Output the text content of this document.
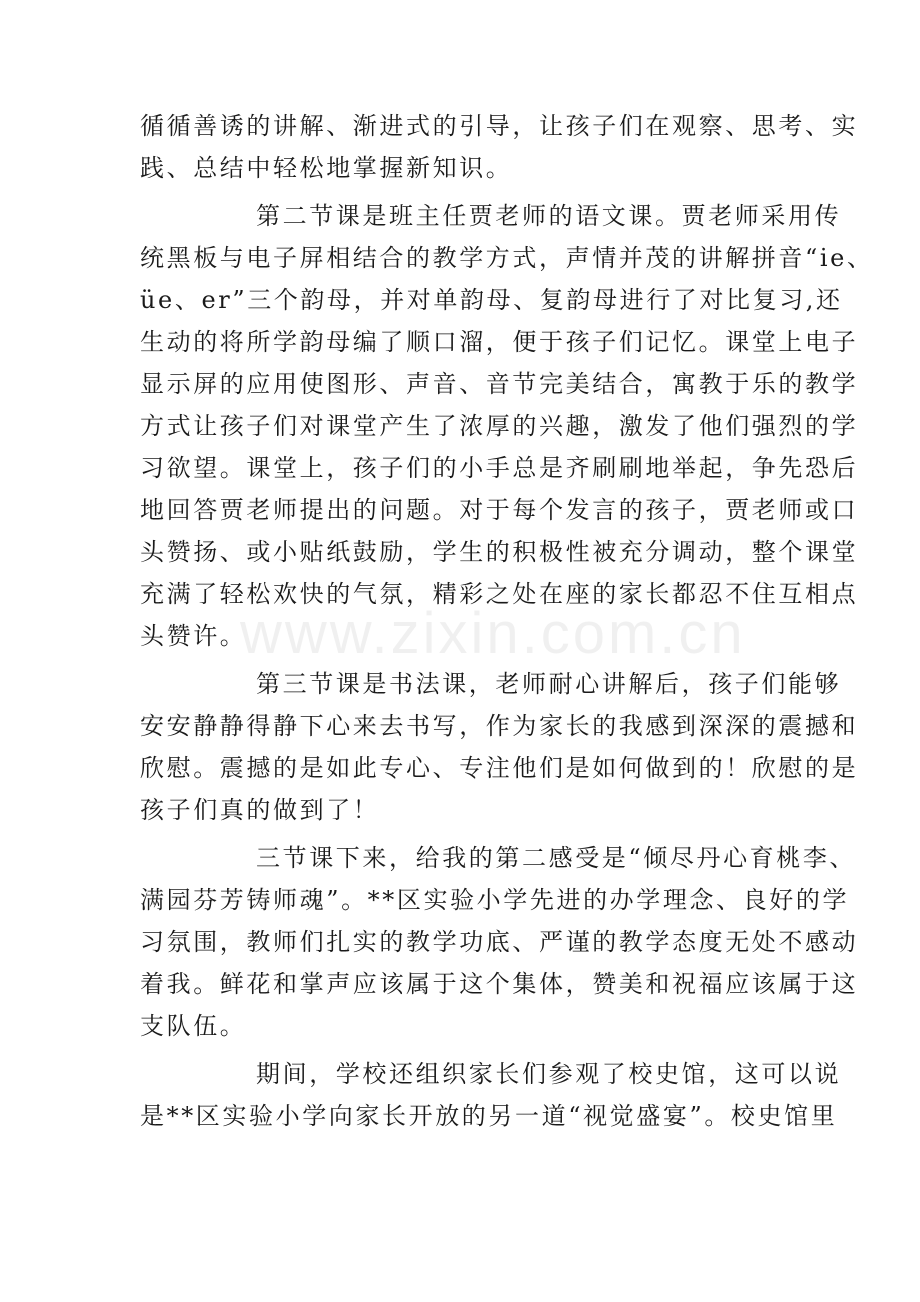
www.zixin.com.cn
循循善诱的讲解、渐进式的引导，让孩子们在观察、思考、实
践、总结中轻松地掌握新知识。
第二节课是班主任贾老师的语文课。贾老师采用传
统黑板与电子屏相结合的教学方式，声情并茂的讲解拼音“ie、
üe、er”三个韵母，并对单韵母、复韵母进行了对比复习,还
生动的将所学韵母编了顺口溜，便于孩子们记忆。课堂上电子
显示屏的应用使图形、声音、音节完美结合，寓教于乐的教学
方式让孩子们对课堂产生了浓厚的兴趣，激发了他们强烈的学
习欲望。课堂上，孩子们的小手总是齐刷刷地举起，争先恐后
地回答贾老师提出的问题。对于每个发言的孩子，贾老师或口
头赞扬、或小贴纸鼓励，学生的积极性被充分调动，整个课堂
充满了轻松欢快的气氛，精彩之处在座的家长都忍不住互相点
头赞许。
第三节课是书法课，老师耐心讲解后，孩子们能够
安安静静得静下心来去书写，作为家长的我感到深深的震撼和
欣慰。震撼的是如此专心、专注他们是如何做到的！欣慰的是
孩子们真的做到了！
三节课下来，给我的第二感受是“倾尽丹心育桃李、
满园芬芳铸师魂”。**区实验小学先进的办学理念、良好的学
习氛围，教师们扎实的教学功底、严谨的教学态度无处不感动
着我。鲜花和掌声应该属于这个集体，赞美和祝福应该属于这
支队伍。
期间，学校还组织家长们参观了校史馆，这可以说
是**区实验小学向家长开放的另一道“视觉盛宴”。校史馆里
